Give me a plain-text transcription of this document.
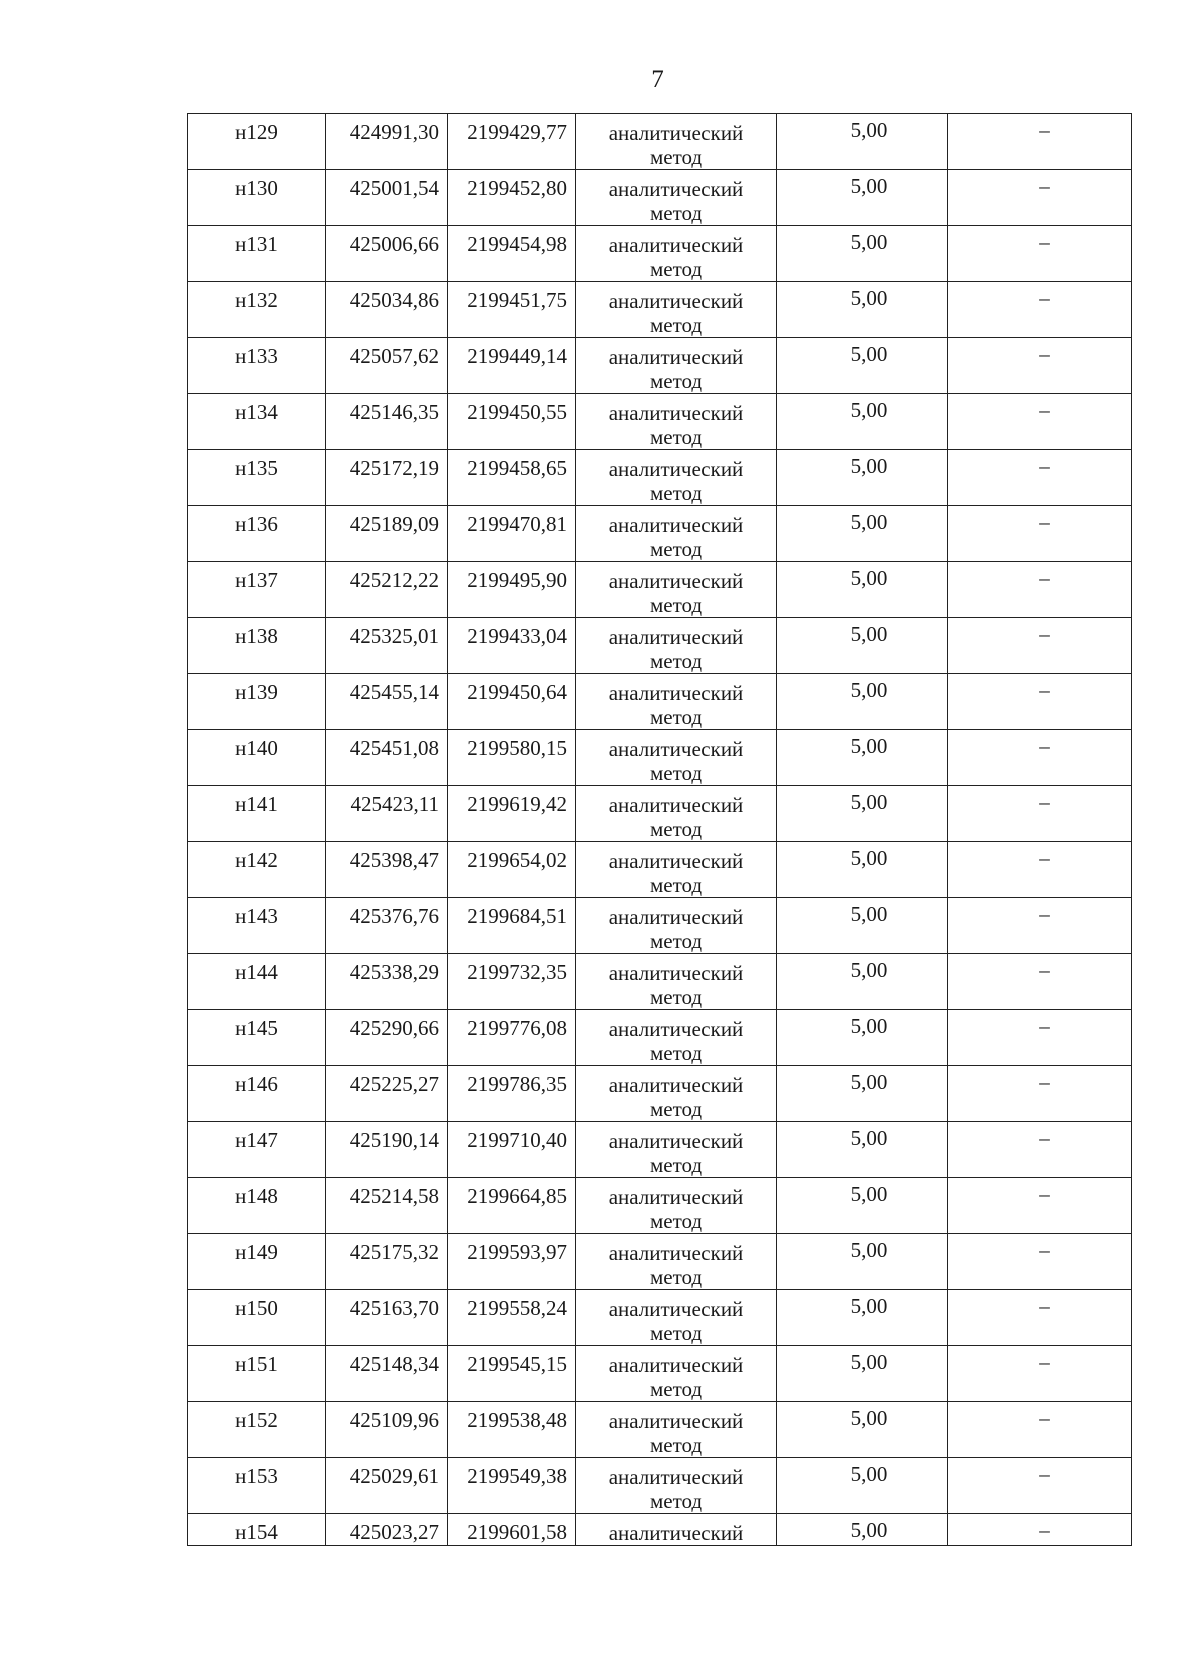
7
н129	424991,30	2199429,77	аналитический
метод	5,00	–

н130	425001,54	2199452,80	аналитический
метод	5,00	–

н131	425006,66	2199454,98	аналитический
метод	5,00	–

н132	425034,86	2199451,75	аналитический
метод	5,00	–

н133	425057,62	2199449,14	аналитический
метод	5,00	–

н134	425146,35	2199450,55	аналитический
метод	5,00	–

н135	425172,19	2199458,65	аналитический
метод	5,00	–

н136	425189,09	2199470,81	аналитический
метод	5,00	–

н137	425212,22	2199495,90	аналитический
метод	5,00	–

н138	425325,01	2199433,04	аналитический
метод	5,00	–

н139	425455,14	2199450,64	аналитический
метод	5,00	–

н140	425451,08	2199580,15	аналитический
метод	5,00	–

н141	425423,11	2199619,42	аналитический
метод	5,00	–

н142	425398,47	2199654,02	аналитический
метод	5,00	–

н143	425376,76	2199684,51	аналитический
метод	5,00	–

н144	425338,29	2199732,35	аналитический
метод	5,00	–

н145	425290,66	2199776,08	аналитический
метод	5,00	–

н146	425225,27	2199786,35	аналитический
метод	5,00	–

н147	425190,14	2199710,40	аналитический
метод	5,00	–

н148	425214,58	2199664,85	аналитический
метод	5,00	–

н149	425175,32	2199593,97	аналитический
метод	5,00	–

н150	425163,70	2199558,24	аналитический
метод	5,00	–

н151	425148,34	2199545,15	аналитический
метод	5,00	–

н152	425109,96	2199538,48	аналитический
метод	5,00	–

н153	425029,61	2199549,38	аналитический
метод	5,00	–

н154	425023,27	2199601,58	аналитический	5,00	–
